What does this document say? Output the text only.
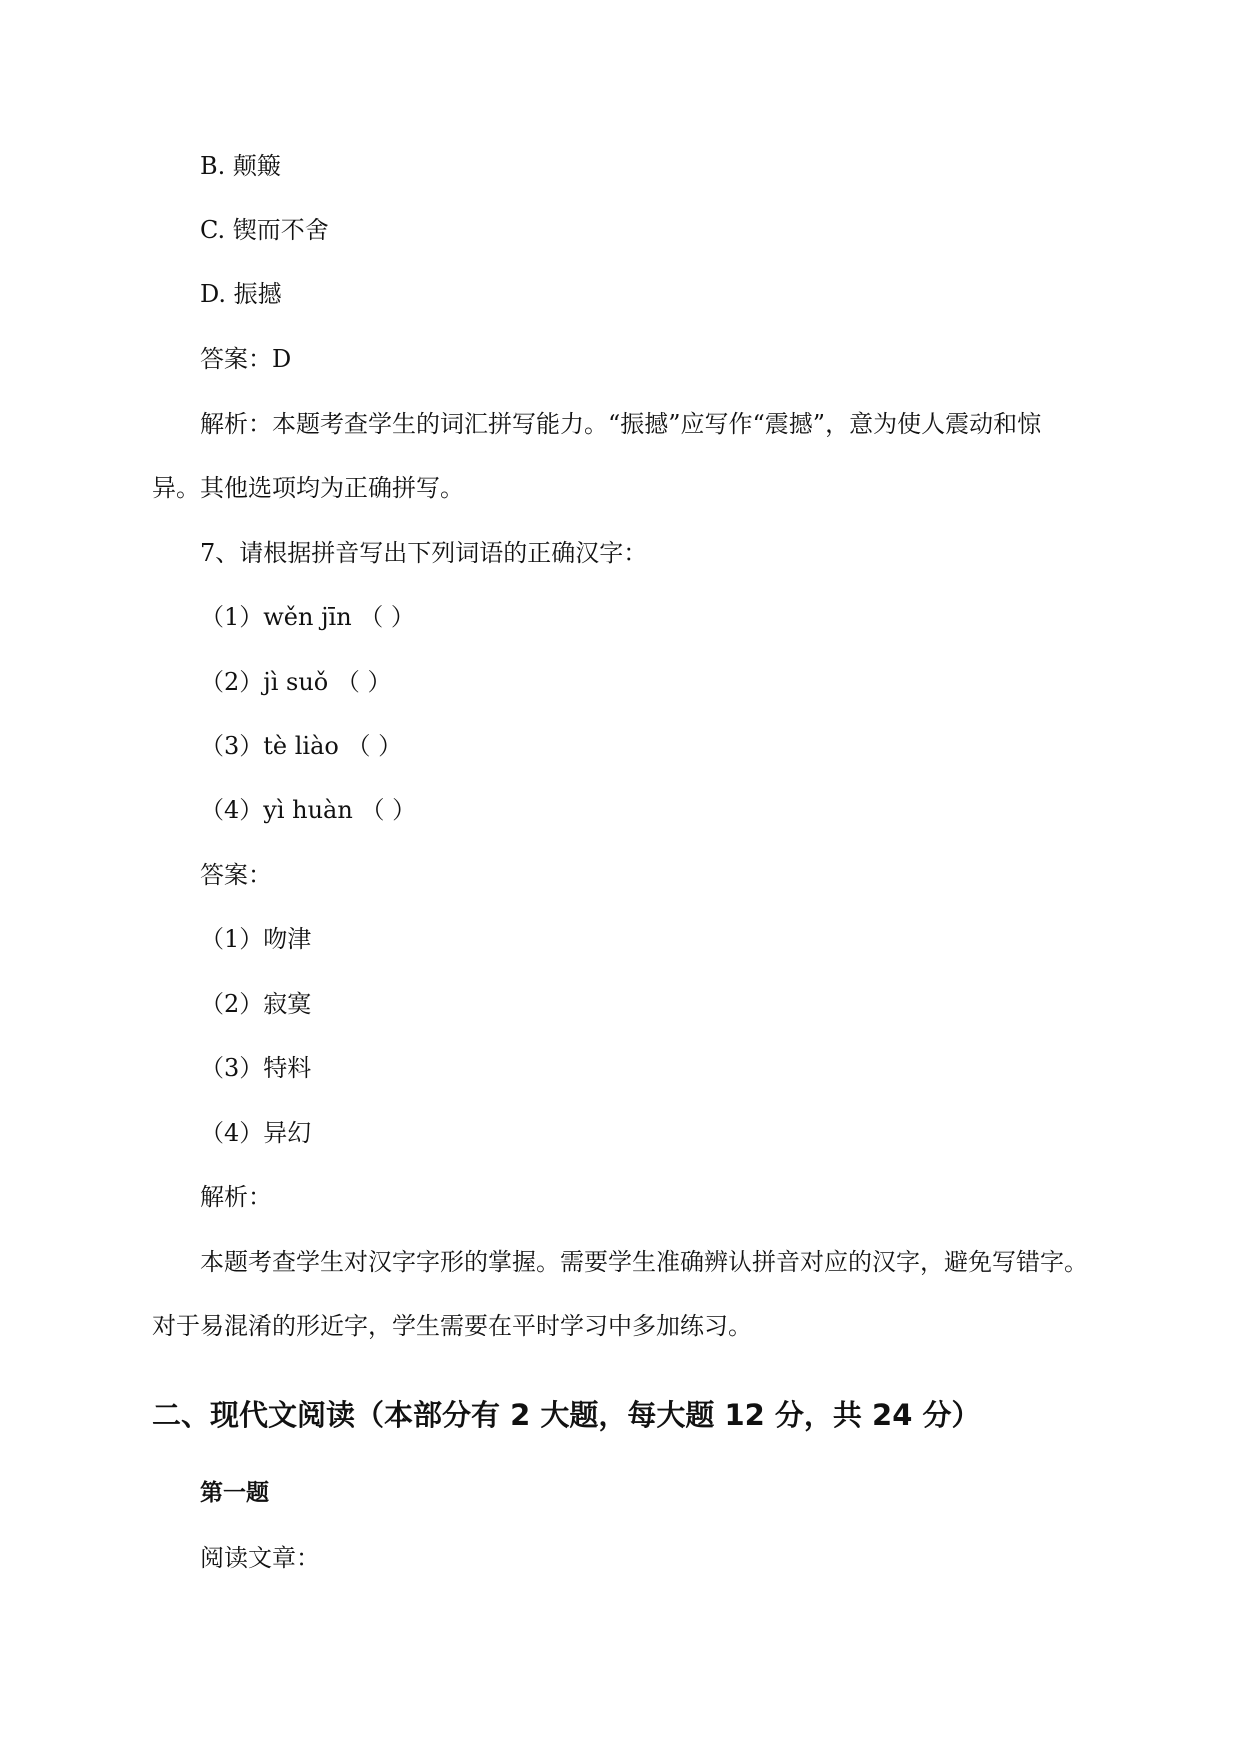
B. 颠簸
C. 锲而不舍
D. 振撼
答案：D
解析：本题考查学生的词汇拼写能力。“振撼”应写作“震撼”，意为使人震动和惊
异。其他选项均为正确拼写。
7、请根据拼音写出下列词语的正确汉字：
（1）wěn jīn （ ）
（2）jì suǒ （ ）
（3）tè liào （ ）
（4）yì huàn （ ）
答案：
（1）吻津
（2）寂寞
（3）特料
（4）异幻
解析：
本题考查学生对汉字字形的掌握。需要学生准确辨认拼音对应的汉字，避免写错字。
对于易混淆的形近字，学生需要在平时学习中多加练习。
二、现代文阅读（本部分有 2 大题，每大题 12 分，共 24 分）
第一题
阅读文章：
